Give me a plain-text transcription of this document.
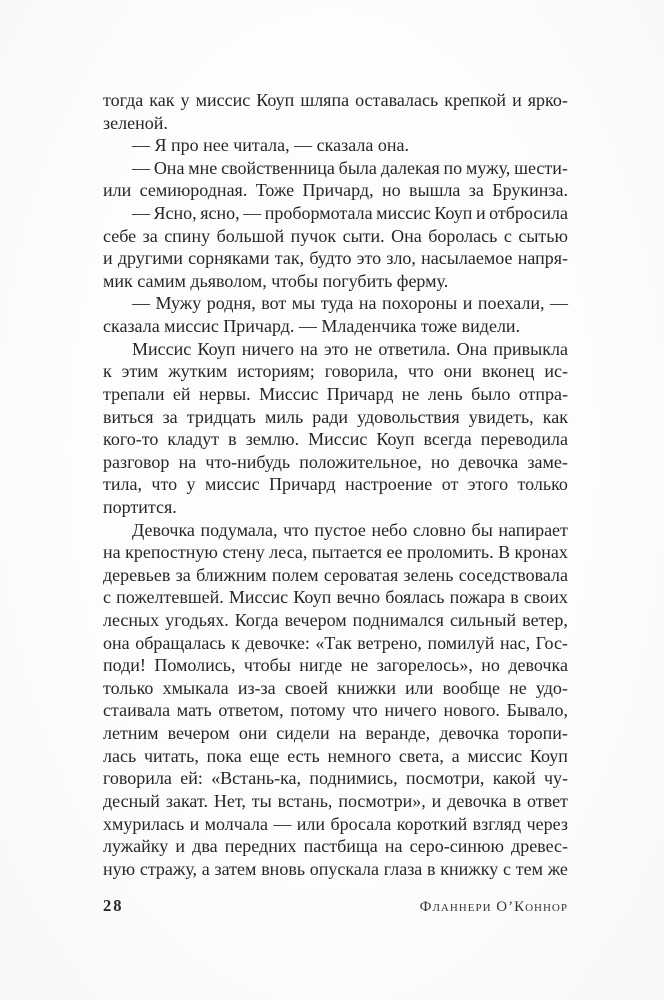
тогда как у миссис Коуп шляпа оставалась крепкой и ярко-
зеленой.
— Я про нее читала, — сказала она.
— Она мне свойственница была далекая по мужу, шести-
или семиюродная. Тоже Причард, но вышла за Брукинза.
— Ясно, ясно, — пробормотала миссис Коуп и отбросила
себе за спину большой пучок сыти. Она боролась с сытью
и другими сорняками так, будто это зло, насылаемое напря-
мик самим дьяволом, чтобы погубить ферму.
— Мужу родня, вот мы туда на похороны и поехали, —
сказала миссис Причард. — Младенчика тоже видели.
Миссис Коуп ничего на это не ответила. Она привыкла
к этим жутким историям; говорила, что они вконец ис-
трепали ей нервы. Миссис Причард не лень было отпра-
виться за тридцать миль ради удовольствия увидеть, как
кого-то кладут в землю. Миссис Коуп всегда переводила
разговор на что-нибудь положительное, но девочка заме-
тила, что у миссис Причард настроение от этого только
портится.
Девочка подумала, что пустое небо словно бы напирает
на крепостную стену леса, пытается ее проломить. В кронах
деревьев за ближним полем сероватая зелень соседствовала
с пожелтевшей. Миссис Коуп вечно боялась пожара в своих
лесных угодьях. Когда вечером поднимался сильный ветер,
она обращалась к девочке: «Так ветрено, помилуй нас, Гос-
поди! Помолись, чтобы нигде не загорелось», но девочка
только хмыкала из-за своей книжки или вообще не удо-
стаивала мать ответом, потому что ничего нового. Бывало,
летним вечером они сидели на веранде, девочка торопи-
лась читать, пока еще есть немного света, а миссис Коуп
говорила ей: «Встань-ка, поднимись, посмотри, какой чу-
десный закат. Нет, ты встань, посмотри», и девочка в ответ
хмурилась и молчала — или бросала короткий взгляд через
лужайку и два передних пастбища на серо-синюю древес-
ную стражу, а затем вновь опускала глаза в книжку с тем же
28	Фланнери О’Коннор
